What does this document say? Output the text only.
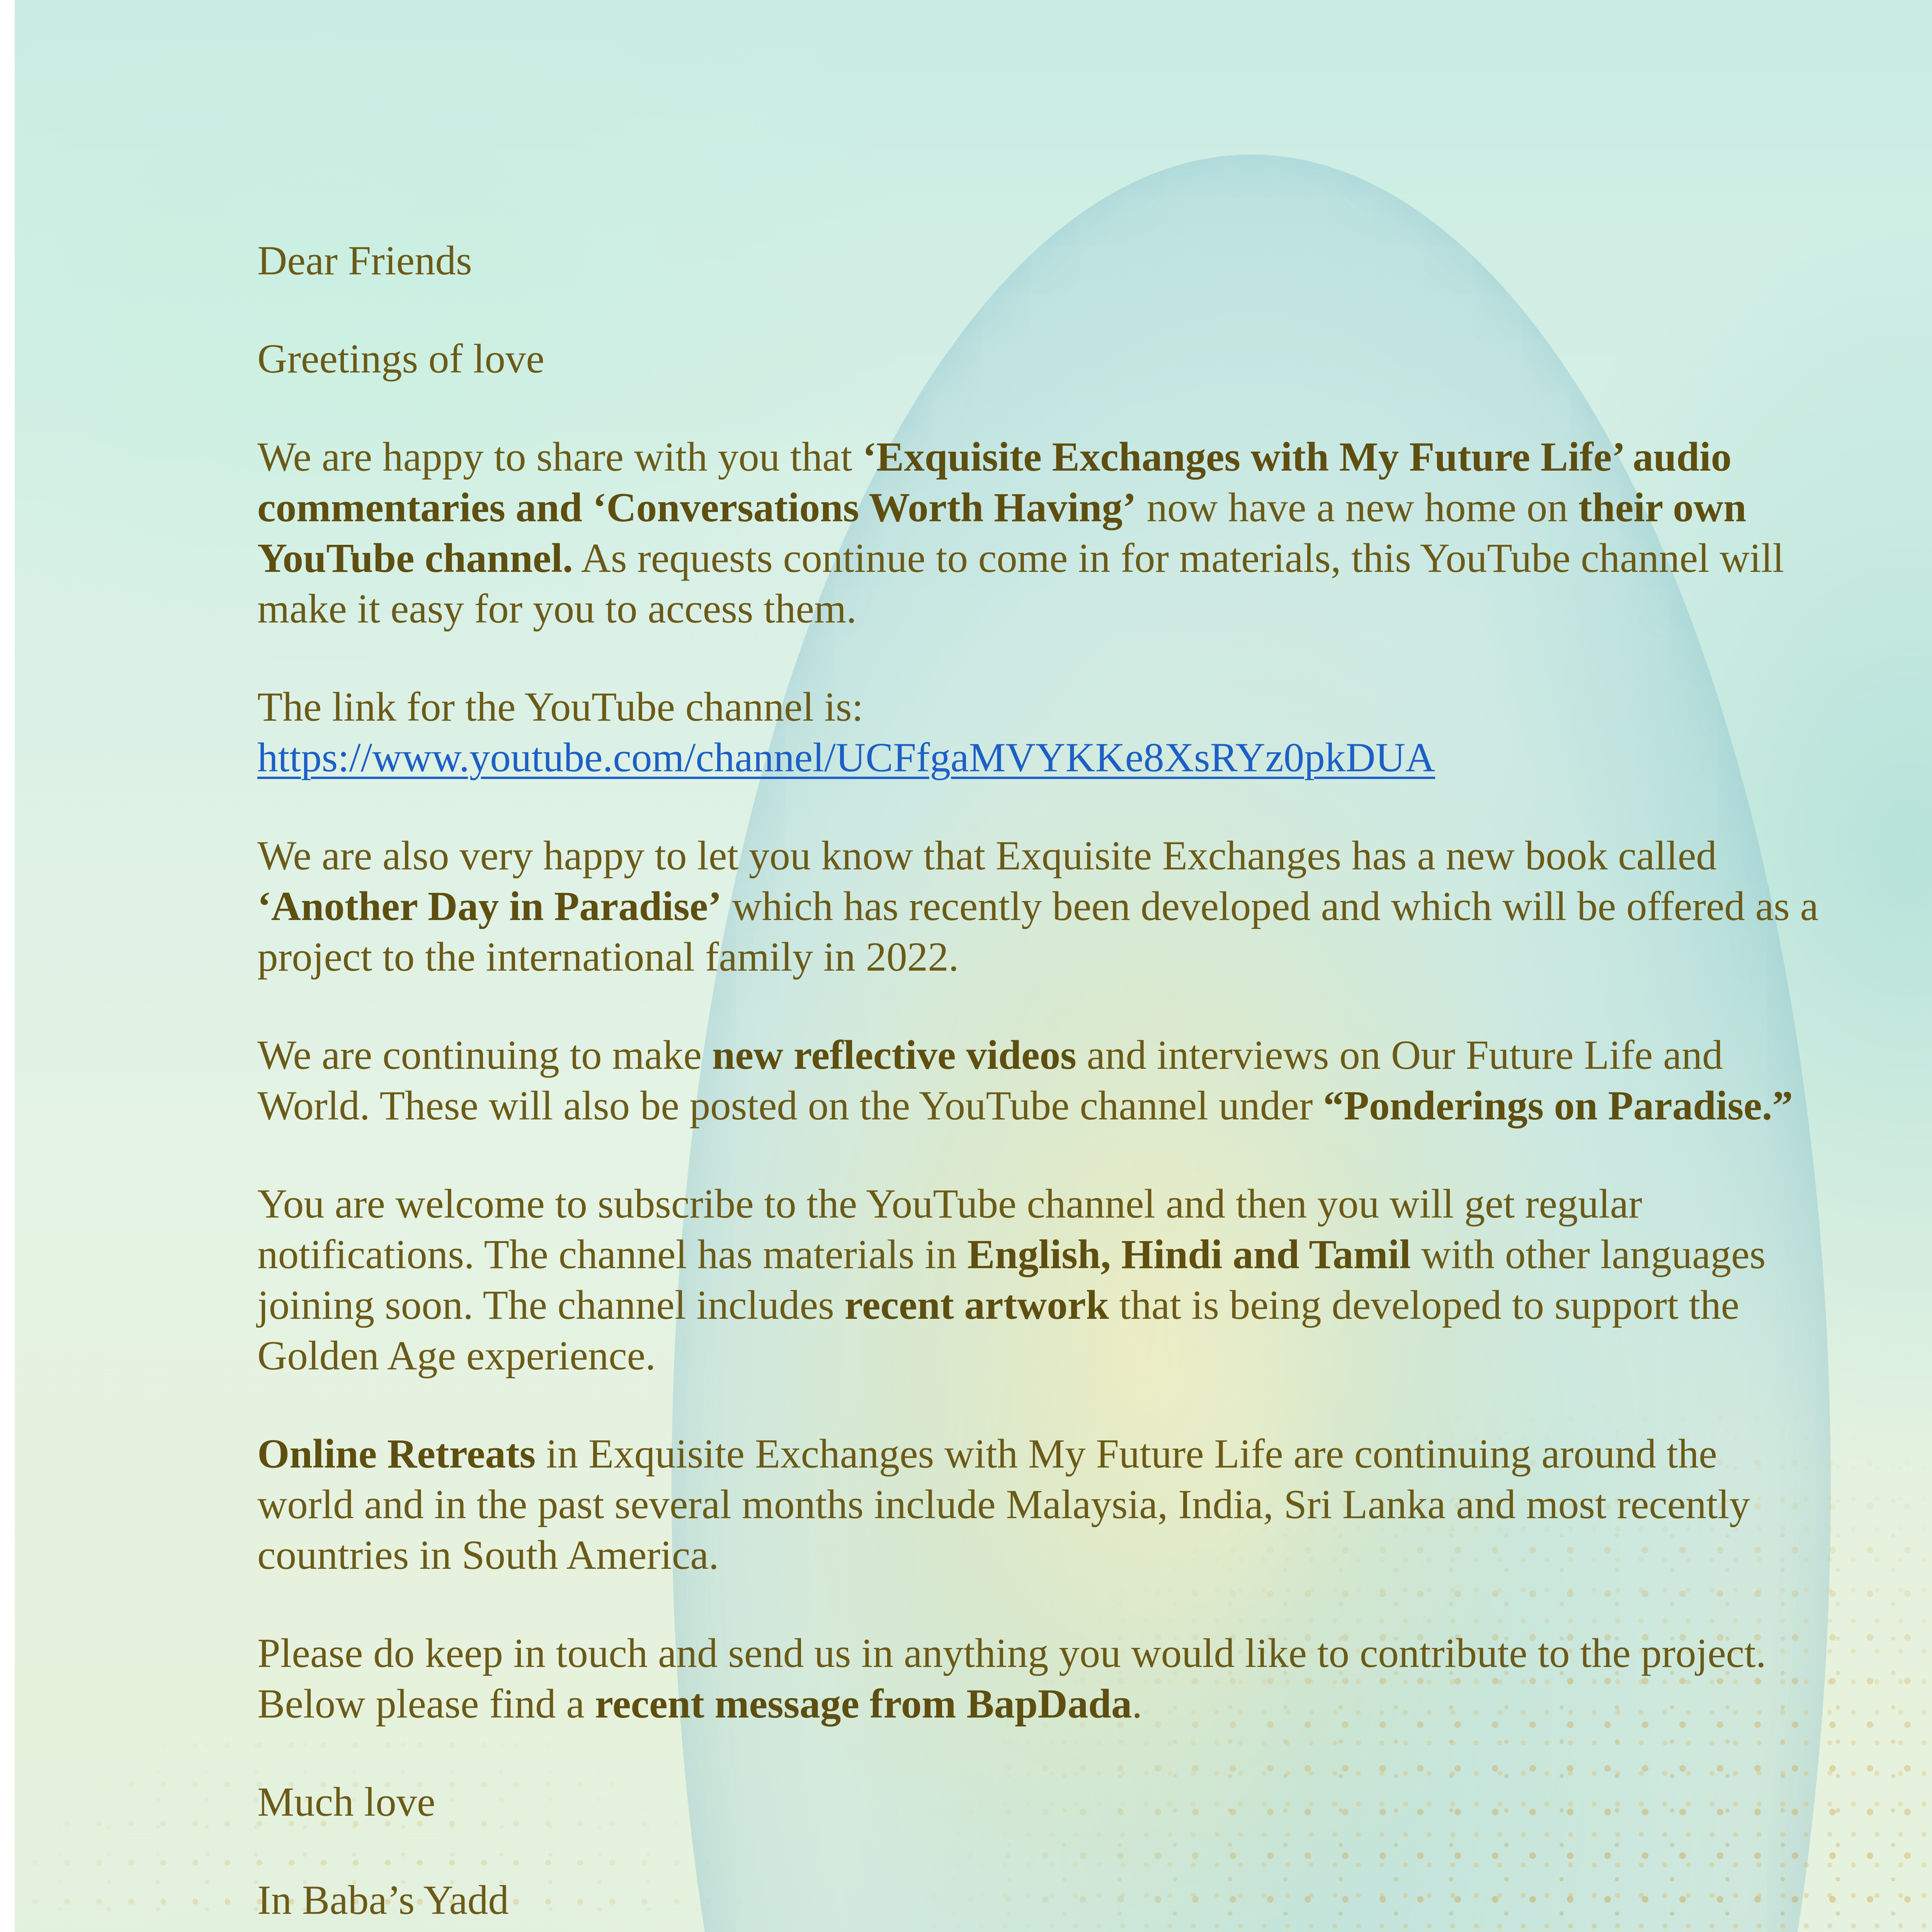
Dear Friends

Greetings of love

We are happy to share with you that ‘Exquisite Exchanges with My Future Life’ audio commentaries and ‘Conversations Worth Having’ now have a new home on their own YouTube channel. As requests continue to come in for materials, this YouTube channel will make it easy for you to access them.

The link for the YouTube channel is:
https://www.youtube.com/channel/UCFfgaMVYKKe8XsRYz0pkDUA

We are also very happy to let you know that Exquisite Exchanges has a new book called ‘Another Day in Paradise’ which has recently been developed and which will be offered as a project to the international family in 2022.

We are continuing to make new reflective videos and interviews on Our Future Life and World. These will also be posted on the YouTube channel under “Ponderings on Paradise.”

You are welcome to subscribe to the YouTube channel and then you will get regular notifications. The channel has materials in English, Hindi and Tamil with other languages joining soon. The channel includes recent artwork that is being developed to support the Golden Age experience.

Online Retreats in Exquisite Exchanges with My Future Life are continuing around the world and in the past several months include Malaysia, India, Sri Lanka and most recently countries in South America.

Please do keep in touch and send us in anything you would like to contribute to the project. Below please find a recent message from BapDada.

Much love

In Baba’s Yadd
